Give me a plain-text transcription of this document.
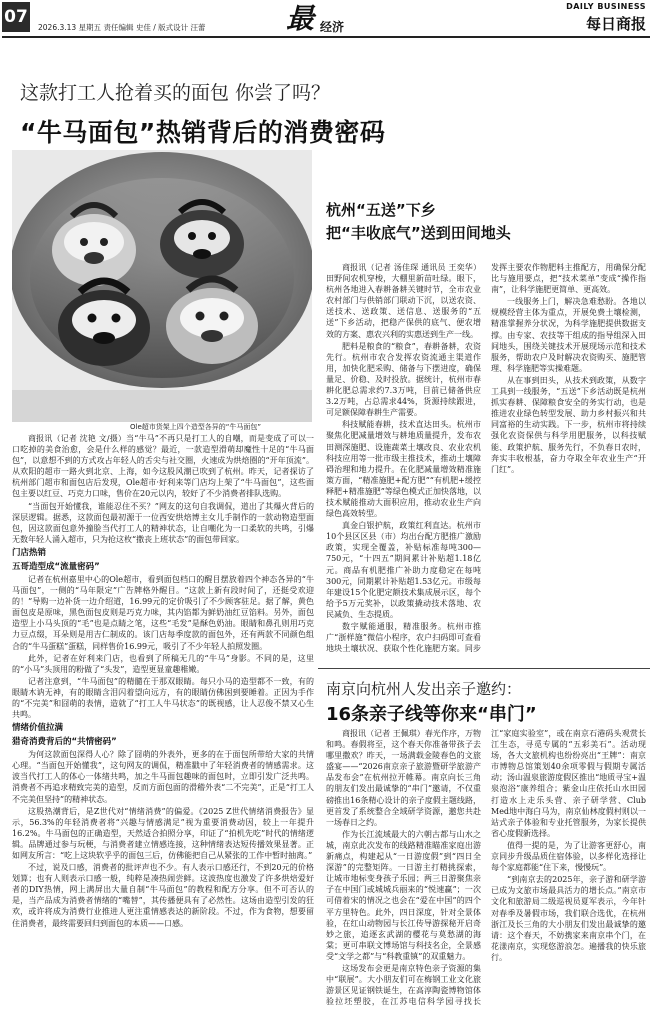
07
2026.3.13 星期五 责任编辑 史佳 / 版式设计 汪蕾	最 经济
DAILY BUSINESS
每日商报
这款打工人抢着买的面包 你尝了吗？
“牛马面包”热销背后的消费密码
Ole超市货架上四个造型各异的“牛马面包”

商报讯（记者 沈艳 文/摄）当“牛马”不再只是打工人的自嘲，而是变成了可以一口吃掉的美食治愈，会是什么样的感觉？最近，一款造型滑萌却魔性十足的“牛马面包”，以意想不到的方式攻占年轻人的舌尖与社交圈，火速成为烘焙圈的“开年顶流”。从欢阳的超市一路火到北京、上海，如今这股风潮已吹到了杭州。昨天，记者探访了杭州部门超市和面包店后发现，Ole超市·好利来等门店均上架了“牛马面包”，这些面包主要以红豆、巧克力口味，售价在20元以内，较好了不少消费者排队选购。

“当面包开始懂我，谁能忍住不买？”网友的这句自我调侃，道出了其爆火背后的深层逻辑。据悉，这款面包最初源于一位西安烘焙博主女儿手制作的一款动物造型面包，因这款面包意外撞脸当代打工人的精神状态，让自嘲化为一口柔软的共鸣，引爆无数年轻人涌入超市，只为抢这枚“撒丧上班状态”的面包带回家。

门店热销
五哥造型成“流量密码”

记者在杭州嘉里中心的Ole超市，看到面包档口的醒目摆放着四个神态各异的“牛马面包”，一侧的“马年限定”广告牌格外醒目。“这款上新有段时间了，还挺受欢迎的！”导购一边补货一边介绍道，16.99元的定价吸引了不少顾客驻足。据了解，黄色面包皮是原味，黑色面包皮则是巧克力味，其内馅都为鲜奶油红豆馅料。另外，面包造型上小马头顶的“毛”也是点睛之笔，这些“毛发”是酥色奶油。眼睛和鼻孔则用巧克力豆点缀，耳朵则是用吉仁制成的。该门店每季度款的面包外，还有两款不同颜色组合的“牛马蛋糕”蛋糕，同样售价16.99元，吸引了不少年轻人拍照发圈。

此外，记者在好利来门店，也看到了所稿无几的“牛马”身影。不同的是，这里的“小马”头顶用的粉做了“头发”，造型更显童趣稚嫩。

记者注意到，“牛马面包”的精髓在于那双眼睛。每只小马的造型都不一致，有的眼睛木讷无神，有的眼睛含泪闪着望向远方，有的眼睛仿佛困到要睡着。正因为手作的“不完美”和囧萌的表情，造就了“打工人牛马状态”的既视感，让人忍俊不禁又心生共鸣。

情绪价值拉满
猎奇消费背后的“共情密码”

为何这款面包深得人心？除了囧萌的外表外，更多的在于面包所带给大家的共情心理。“当面包开始懂我”，这句网友的调侃，精准戳中了年轻消费者的情感需求。这波当代打工人的体心一体绪共鸣，加之牛马面包趣味的面包时，立即引发广泛共鸣。消费者不再追求精致完美的造型，反而方面包面的滑稽外表“二不完美”，正是“打工人不完美但坚持”的精神状态。

这股热潮背后，是Z世代对“情绪消费”的偏爱。《2025 Z世代情绪消费报告》显示，56.3%的年轻消费者将“兴趣与情感满足”视为重要消费动因，较上一年提升16.2%。牛马面包的正确造型，天然适合拍照分享，印证了“拍机先吃”时代的情绪逻辑。品牌通过参与玩梗，与消费者建立情感连接，这种情绪表达短传播效果显著。正如网友所言：“吃上这块软乎乎的面包三后，仿佛能把自己从紧张的工作中暂时抽离。”

不过，说及口感，消费者的批评声也不少。有人表示口感还行，不到20元的价格划算；也有人则表示口感一般，纯粹是凑热闹尝鲜。这波热度也激发了许多烘焙爱好者的DIY热情，网上满屏出大量自制“牛马面包”的教程和配方分享。但不可否认的是，当产品成为消费者情绪的“嘴替”，其传播便具有了必然性。这场由造型引发的狂欢，或许将成为消费行业推进人更注重情感表达的新阶段。不过，作为食物，想要留住消费者，最终需要回归到面包的本质——口感。

杭州“五送”下乡
把“丰收底气”送到田间地头

商报讯（记者 汤佳琛 通讯员 王奕华）田野间农机穿梭，大棚里新苗吐绿。眼下，杭州各地进入春耕备耕关键时节，全市农业农村部门与供销部门联动下沉，以送农资、送技术、送政策、送信息、送服务的“五送”下乡活动，把稳产保供的底气、便农增效的方案、惠农兴利的实惠送到生产一线。

肥料是粮食的“粮食”，春耕备耕，农资先行。杭州市农合发挥农资流通主渠道作用，加快化肥采购、储备与下摆进度，确保量足、价稳、及时投放。据统计，杭州市春耕化肥总需求约7.3万吨，目前已储备供应3.2万吨，占总需求44%，货源持续跟进，可足额保障春耕生产需要。

科技赋能春耕，技术直达田头。杭州市聚焦化肥减量增效与耕地质量提升，发布农田测深施肥、设施蔬菜土壤改良、农业农机科技应用等一批市级主推技术，推动土壤障碍治理和地力提升。在化肥减量增效精准施策方面，“精准施肥+配方肥”“有机肥+缓控释肥+精准施肥”等绿色模式正加快落地，以技术赋能推动大面积应用，推动农业生产向绿色高效转型。

真金白银护航，政策红利直达。杭州市10个县区区县（市）均出台配方肥推广激励政策，实现全覆盖，补贴标准每吨300—750元，“十四五”期间累计补贴超1.18亿元。商品有机肥推广补助力度稳定在每吨300元，同期累计补贴超1.53亿元。市级每年建设15个化肥定额技术集成展示区，每个给予5万元奖补，以政策撬动技术落地、农民减负、生态提质。

数字赋能通服，精准服务。杭州市推广“浙样施”微信小程序，农户扫码即可查看地块土壤状况、获取个性化施肥方案。同步发挥主要农作物肥料主推配方，用确保分配比与施用要点，把“技术菜单”变成“操作指南”，让科学施肥更简单、更高效。

一线服务上门，解决急难愁盼。各地以规模经营主体为重点，开展免费土壤检测，精准掌握养分状况，为科学施肥提供数据支撑。由专家、农技等干组成的指导组深入田间地头，围绕关键技术开展现场示范和技术服务，帮助农户及时解决农资购买、施肥管理、科学施肥等实操难题。

从在事到田头，从技术到政策，从数字工具到一线服务，“五送”下乡活动既是杭州抓实春耕、保障粮食安全的务实行动，也是推进农业绿色转型发展、助力乡村振兴和共同富裕的生动实践。下一步，杭州市将持续强化农资保供与科学用肥服务，以科技赋能、政策护航、服务先行，不负春日农时，奔实丰收根基，奋力夺取全年农业生产“开门红”。

南京向杭州人发出亲子邀约：
16条亲子线等你来“串门”

商报讯（记者 王佩琪）春光作序，万物和鸣。春假将至，这个春天你准备带孩子去哪里撒欢？昨天，一场满载金陵春色的文旅盛宴——“2026南京亲子旅游暨研学旅游产品发布会”在杭州拉开帷幕。南京向长三角的朋友们发出最诚挚的“串门”邀请，不仅重磅推出16条精心设计的亲子度假主题线路，更首发了系统整合全域研学资源，邀您共赴一场春日之约。

作为长江流域最大的六朝古都与山水之城，南京此次发布的线路精准瞄准家庭出游新痛点，构建起从“一日游度假”到“四日全深游”的完整矩阵。一日游主打精挑探索，让城市地标变身孩子乐园；两三日游聚焦亲子在中国门或城城兵丽来的“悦速赢”；一次可借着宋的情况之也会在“爱在中国”的四个平方里特色。此外，四日深度，针对全景体验，在红山动物园与长江传导游探秘开启奇妙之旅，追逐玄武湖的樱花与莫愁湖的海棠；更可串联文博场馆与科技名企，全景感受“文学之都”与“科教重镇”的双重魅力。

这场发布会更是南京特色亲子资源的集中“联展”。大小朋友们可在梅钢工业文化旅游景区见证钢铁诞生，在高淳陶瓷博物馆体验拉坯塑胶，在江苏电信科学园寻找长江“家庭实验室”，或在南京石港码头观赏长江生态，寻觅专属的“五彩美石”。活动现场，各大文旅机构也纷纷亮出“王牌”：南京市博物总馆策划40余项零假与假期专属活动；汤山温泉旅游度假区推出“地质寻宝+温泉泡浴”康养组合；紫金山庄依托山水田园打造水上走乐头营、亲子研学营、Club Med地中海白马为，南京仙林度假村则以一站式亲子体验和专业托管服务，为家长提供省心度假新选择。

值得一提的是，为了让游客更舒心，南京同步升级品质住宿体验，以多样化选择让每个家庭都能“住下来，慢慢玩”。

“到南京去的2025年，亲子游和研学游已成为文旅市场最具活力的增长点。”南京市文化和旅游局二级巡视员夏军表示，今年针对春季及暑假市场，我们联合选优，在杭州浙江及长三角的大小朋友们发出最诚挚的邀请：这个春天，不妨携家来南京串个门，在花漾南京，实现悠游浪怎。遍播我的快乐旅行。
